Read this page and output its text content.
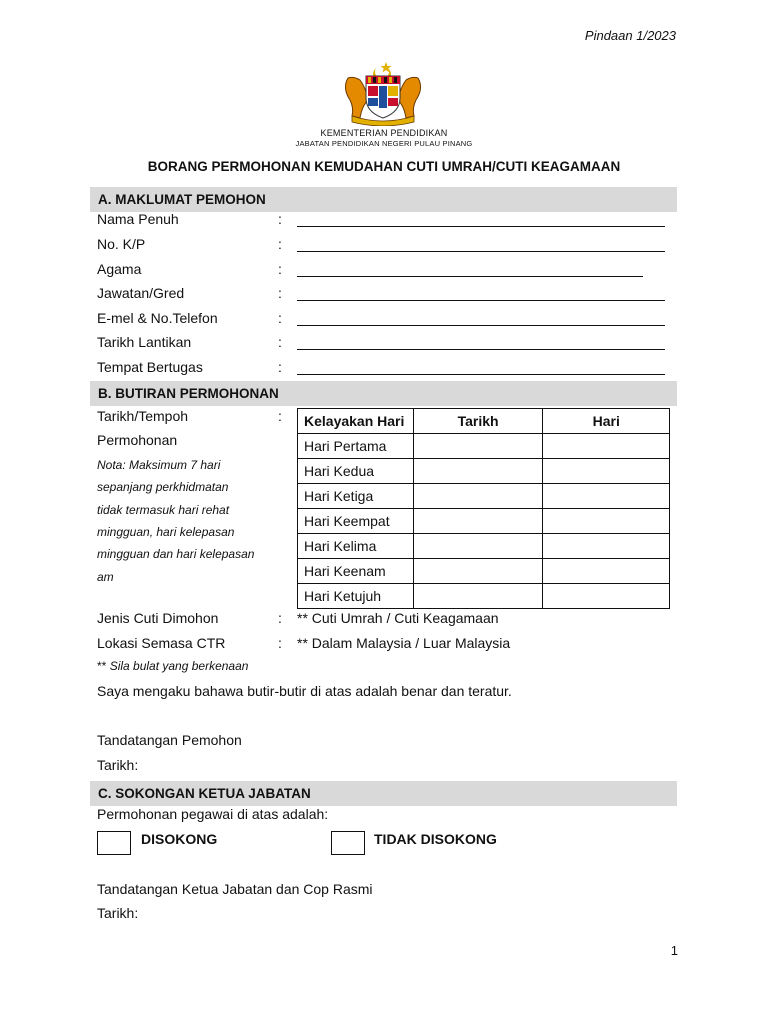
Pindaan 1/2023
KEMENTERIAN PENDIDIKAN
JABATAN PENDIDIKAN NEGERI PULAU PINANG
BORANG PERMOHONAN KEMUDAHAN CUTI UMRAH/CUTI KEAGAMAAN
A. MAKLUMAT PEMOHON
Nama Penuh	:
No. K/P	:
Agama	:
Jawatan/Gred	:
E-mel & No.Telefon	:
Tarikh Lantikan	:
Tempat Bertugas	:
B. BUTIRAN PERMOHONAN
Tarikh/Tempoh	:
Permohonan
Nota: Maksimum 7 hari
sepanjang perkhidmatan
tidak termasuk hari rehat
mingguan, hari kelepasan
mingguan dan hari kelepasan
am
Kelayakan Hari	Tarikh	Hari
Hari Pertama		
Hari Kedua		
Hari Ketiga		
Hari Keempat		
Hari Kelima		
Hari Keenam		
Hari Ketujuh		
Jenis Cuti Dimohon	: ** Cuti Umrah / Cuti Keagamaan
Lokasi Semasa CTR	: ** Dalam Malaysia / Luar Malaysia
** Sila bulat yang berkenaan
Saya mengaku bahawa butir-butir di atas adalah benar dan teratur.
Tandatangan Pemohon
Tarikh:
C. SOKONGAN KETUA JABATAN
Permohonan pegawai di atas adalah:
DISOKONG	TIDAK DISOKONG
Tandatangan Ketua Jabatan dan Cop Rasmi
Tarikh:
1
